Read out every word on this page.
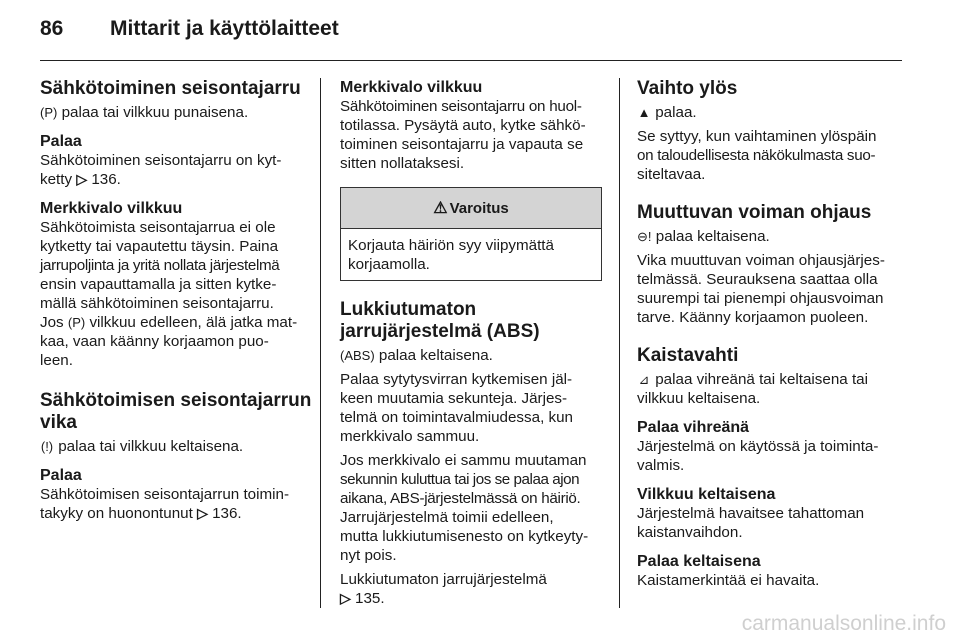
86 Mittarit ja käyttölaitteet
Sähkötoiminen seisontajarru

(P) palaa tai vilkkuu punaisena.

Palaa

Sähkötoiminen seisontajarru on kyt-
ketty ▷ 136.

Merkkivalo vilkkuu

Sähkötoimista seisontajarrua ei ole
kytketty tai vapautettu täysin. Paina
jarrupoljinta ja yritä nollata järjestelmä
ensin vapauttamalla ja sitten kytke-
mällä sähkötoiminen seisontajarru.
Jos (P) vilkkuu edelleen, älä jatka mat-
kaa, vaan käänny korjaamon puo-
leen.

Sähkötoimisen seisontajarrun
vika

(!) palaa tai vilkkuu keltaisena.

Palaa

Sähkötoimisen seisontajarrun toimin-
takyky on huonontunut ▷ 136.

Merkkivalo vilkkuu

Sähkötoiminen seisontajarru on huol-
totilassa. Pysäytä auto, kytke sähkö-
toiminen seisontajarru ja vapauta se
sitten nollataksesi.

⚠ Varoitus
Korjauta häiriön syy viipymättä
korjaamolla.
Lukkiutumaton
jarrujärjestelmä (ABS)

(ABS) palaa keltaisena.

Palaa sytytysvirran kytkemisen jäl-
keen muutamia sekunteja. Järjes-
telmä on toimintavalmiudessa, kun
merkkivalo sammuu.

Jos merkkivalo ei sammu muutaman
sekunnin kuluttua tai jos se palaa ajon
aikana, ABS-järjestelmässä on häiriö.
Jarrujärjestelmä toimii edelleen,
mutta lukkiutumisenesto on kytkeyty-
nyt pois.

Lukkiutumaton jarrujärjestelmä
▷ 135.

Vaihto ylös

▲ palaa.

Se syttyy, kun vaihtaminen ylöspäin
on taloudellisesta näkökulmasta suo-
siteltavaa.

Muuttuvan voiman ohjaus

⊖! palaa keltaisena.

Vika muuttuvan voiman ohjausjärjes-
telmässä. Seurauksena saattaa olla
suurempi tai pienempi ohjausvoiman
tarve. Käänny korjaamon puoleen.

Kaistavahti

⊿ palaa vihreänä tai keltaisena tai
vilkkuu keltaisena.

Palaa vihreänä

Järjestelmä on käytössä ja toiminta-
valmis.

Vilkkuu keltaisena

Järjestelmä havaitsee tahattoman
kaistanvaihdon.

Palaa keltaisena

Kaistamerkintää ei havaita.

carmanualsonline.info
